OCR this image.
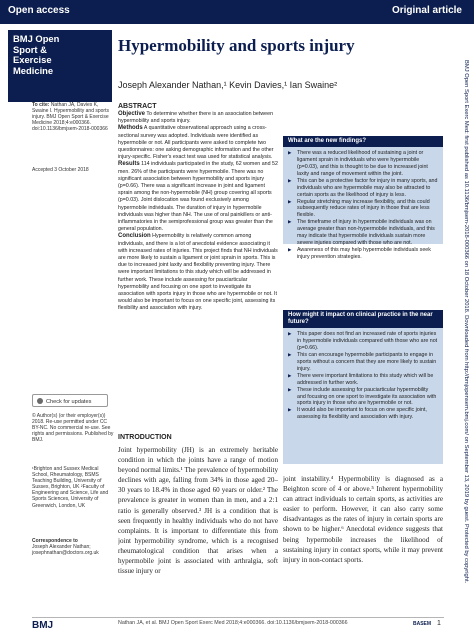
Open access	Original article
BMJ Open
Sport &
Exercise
Medicine
Hypermobility and sports injury
Joseph Alexander Nathan,¹ Kevin Davies,¹ Ian Swaine²
To cite: Nathan JA, Davies K, Swaine I. Hypermobility and sports injury. BMJ Open Sport & Exercise Medicine 2018;4:e000366. doi:10.1136/bmjsem-2018-000366
Accepted 3 October 2018
Check for updates
© Author(s) (or their employer(s)) 2018. Re-use permitted under CC BY-NC. No commercial re-use. See rights and permissions. Published by BMJ.
¹Brighton and Sussex Medical School, Rheumatology, BSMS Teaching Building, University of Sussex, Brighton, UK ²Faculty of Engineering and Science, Life and Sports Sciences, University of Greenwich, London, UK
Correspondence to
Joseph Alexander Nathan;
josephnathan@doctors.org.uk
ABSTRACT
Objective To determine whether there is an association between hypermobility and sports injury.
Methods A quantitative observational approach using a cross-sectional survey was adopted. Individuals were identified as hypermobile or not. All participants were asked to complete two questionnaires: one asking demographic information and the other injury-specific. Fisher's exact test was used for statistical analysis.
Results 114 individuals participated in the study, 62 women and 52 men. 26% of the participants were hypermobile. There was no significant association between hypermobility and sports injury (p=0.66). There was a significant increase in joint and ligament sprain among the non-hypermobile (NH) group covering all sports (p=0.03). Joint dislocation was found exclusively among hypermobile individuals. The duration of injury in hypermobile individuals was higher than NH. The use of oral painkillers or anti-inflammatories in the semiprofessional group was greater than the general population.
Conclusion Hypermobility is relatively common among individuals, and there is a lot of anecdotal evidence associating it with increased rates of injuries. This project finds that NH individuals are more likely to sustain a ligament or joint sprain in sports. This is due to increased joint laxity and flexibility preventing injury. There were important limitations to this study which will be addressed in further work. These include assessing for pauciarticular hypermobility and focusing on one sport to investigate its association with sports injury in those who are hypermobile or not. It would also be important to focus on one specific joint, assessing its flexibility and association with injury.
What are the new findings?
▶ There was a reduced likelihood of sustaining a joint or ligament sprain in individuals who were hypermobile (p=0.03), and this is thought to be due to increased joint laxity and range of movement within the joint.
▶ This can be a protective factor for injury in many sports, and individuals who are hypermobile may also be attracted to certain sports as the likelihood of injury is less.
▶ Regular stretching may increase flexibility, and this could subsequently reduce rates of injury in those that are less flexible.
▶ The timeframe of injury in hypermobile individuals was on average greater than non-hypermobile individuals, and this may indicate that hypermobile individuals sustain more severe injuries compared with those who are not.
▶ Awareness of this may help hypermobile individuals seek injury prevention strategies.
How might it impact on clinical practice in the near future?
▶ This paper does not find an increased rate of sports injuries in hypermobile individuals compared with those who are not (p=0.66).
▶ This can encourage hypermobile participants to engage in sports without a concern that they are more likely to sustain injury.
▶ There were important limitations to this study which will be addressed in further work.
▶ These include assessing for pauciarticular hypermobility and focusing on one sport to investigate its association with sports injury in those who are hypermobile or not.
▶ It would also be important to focus on one specific joint, assessing its flexibility and association with injury.
INTRODUCTION
Joint hypermobility (JH) is an extremely heritable condition in which the joints have a range of motion beyond normal limits.¹ The prevalence of hypermobility declines with age, falling from 34% in those aged 20–30 years to 18.4% in those aged 60 years or older.² The prevalence is greater in women than in men, and a 2:1 ratio is generally observed.³ JH is a condition that is seen frequently in healthy individuals who do not have complaints. It is important to differentiate this from joint hypermobility syndrome, which is a recognised rheumatological condition that arises when a hypermobile joint is associated with arthralgia, soft tissue injury or
joint instability.⁴ Hypermobility is diagnosed as a Beighton score of 4 or above.⁵ Inherent hypermobility can attract individuals to certain sports, as activities are easier to perform. However, it can also carry some disadvantages as the rates of injury in certain sports are shown to be higher.⁶ Anecdotal evidence suggests that being hypermobile increases the likelihood of sustaining injury in contact sports, while it may prevent injury in non-contact sports.	BMJ Open Sport Exerc Med: first published as 10.1136/bmjsem-2018-000366 on 18 October 2018. Downloaded from http://bmjopensem.bmj.com/ on September 13, 2019 by guest. Protected by copyright.
BMJ	Nathan JA, et al. BMJ Open Sport Exerc Med 2018;4:e000366. doi:10.1136/bmjsem-2018-000366	BASEM 1
